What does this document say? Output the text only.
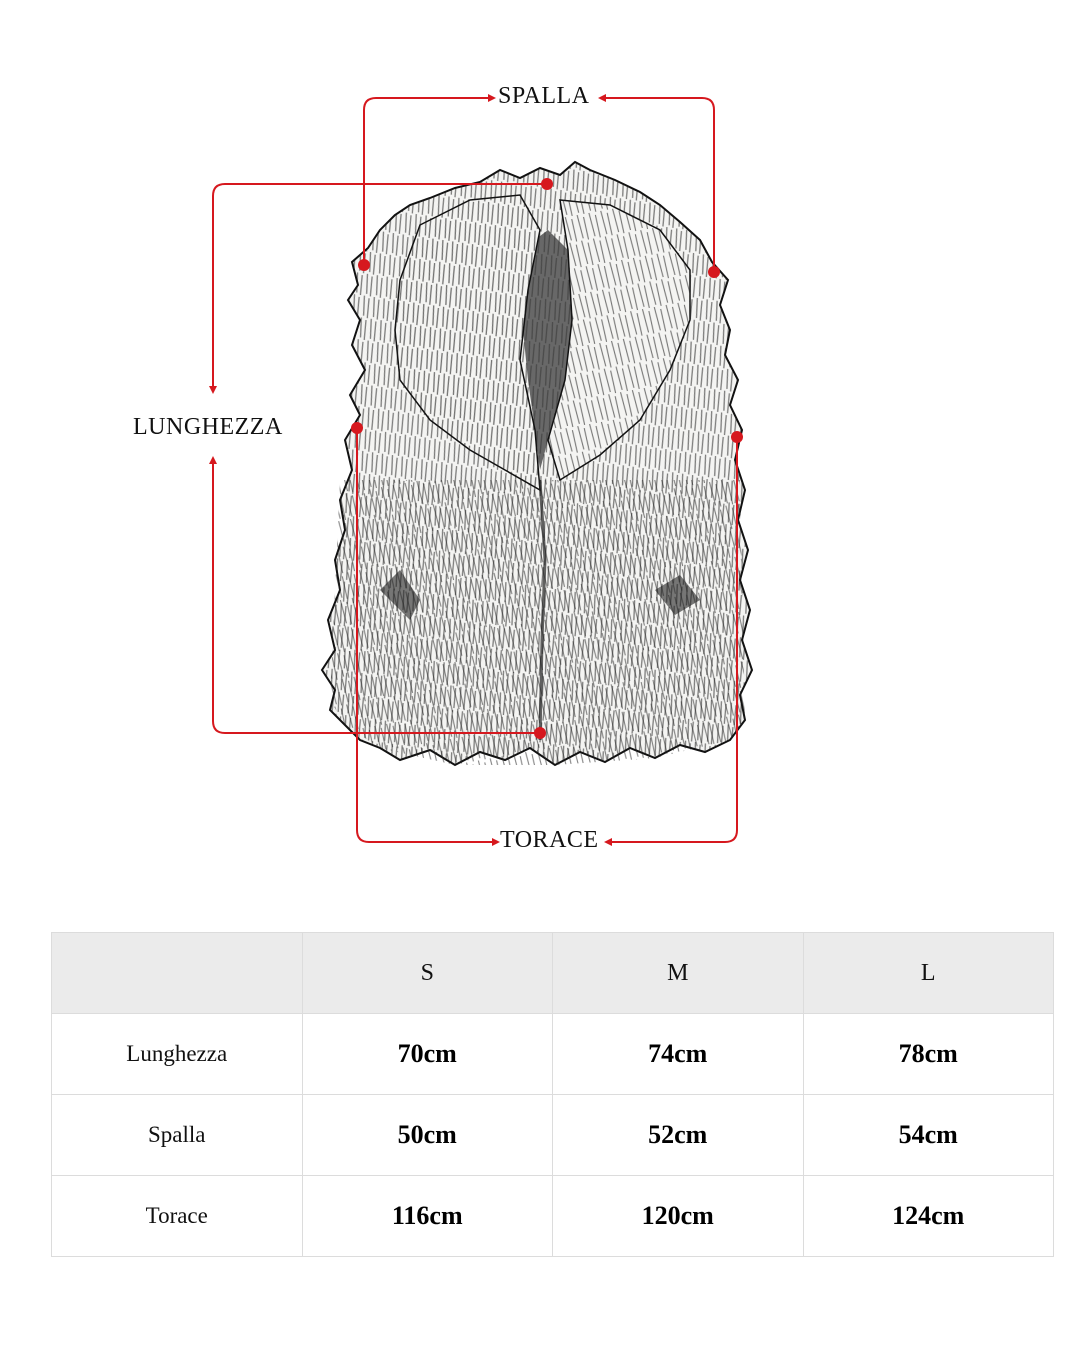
SPALLA
LUNGHEZZA
TORACE
	S	M	L
Lunghezza	70cm	74cm	78cm
Spalla	50cm	52cm	54cm
Torace	116cm	120cm	124cm
